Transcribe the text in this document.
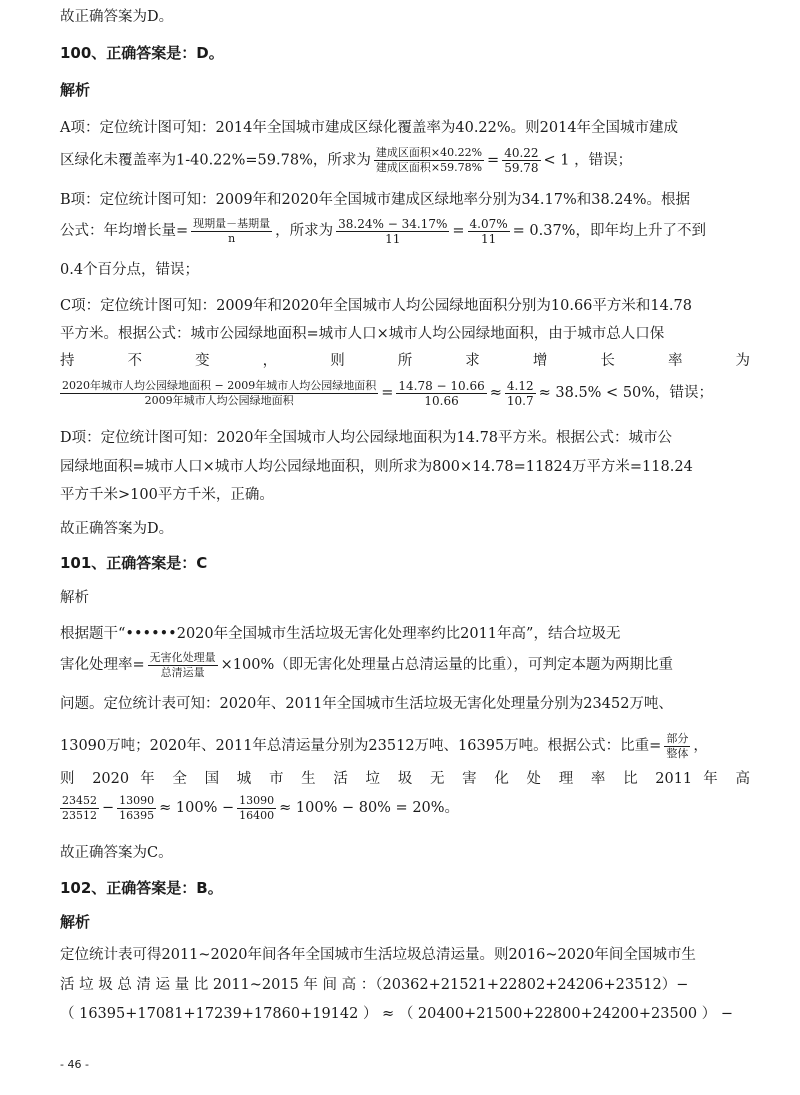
故正确答案为D。
100、正确答案是：D。
解析
A项：定位统计图可知：2014年全国城市建成区绿化覆盖率为40.22%。则2014年全国城市建成
区绿化未覆盖率为1-40.22%=59.78%，所求为 $\frac{\text{建成区面积×40.22\%}}{\text{建成区面积×59.78\%}} = \frac{40.22}{59.78} < 1$ ，错误；
B项：定位统计图可知：2009年和2020年全国城市建成区绿地率分别为34.17%和38.24%。根据
公式：年均增长量= $\frac{\text{现期量－基期量}}{n}$ ，所求为 $\frac{38.24\% - 34.17\%}{11} = \frac{4.07\%}{11} = 0.37\%$，即年均上升了不到
0.4个百分点，错误；
C项：定位统计图可知：2009年和2020年全国城市人均公园绿地面积分别为10.66平方米和14.78
平方米。根据公式：城市公园绿地面积=城市人口×城市人均公园绿地面积，由于城市总人口保
持 不 变 ， 则 所 求 增 长 率 为
$\frac{\text{2020年城市人均公园绿地面积 − 2009年城市人均公园绿地面积}}{\text{2009年城市人均公园绿地面积}} = \frac{14.78 - 10.66}{10.66} \approx \frac{4.12}{10.7} \approx 38.5\% < 50\%$，错误；
D项：定位统计图可知：2020年全国城市人均公园绿地面积为14.78平方米。根据公式：城市公
园绿地面积=城市人口×城市人均公园绿地面积，则所求为800×14.78=11824万平方米=118.24
平方千米>100平方千米，正确。
故正确答案为D。
101、正确答案是：C
解析
根据题干“••••••2020年全国城市生活垃圾无害化处理率约比2011年高”，结合垃圾无
害化处理率= $\frac{\text{无害化处理量}}{\text{总清运量}} \times 100\%$（即无害化处理量占总清运量的比重），可判定本题为两期比重
问题。定位统计表可知：2020年、2011年全国城市生活垃圾无害化处理量分别为23452万吨、
13090万吨；2020年、2011年总清运量分别为23512万吨、16395万吨。根据公式：比重= $\frac{\text{部分}}{\text{整体}}$ ，
则 2020 年 全 国 城 市 生 活 垃 圾 无 害 化 处 理 率 比 2011 年 高
$\frac{23452}{23512} - \frac{13090}{16395} \approx 100\% - \frac{13090}{16400} \approx 100\% - 80\% = 20\%$。
故正确答案为C。
102、正确答案是：B。
解析
定位统计表可得2011~2020年间各年全国城市生活垃圾总清运量。则2016~2020年间全国城市生
活 垃 圾 总 清 运 量 比 2011~2015 年 间 高 ：（20362+21521+22802+24206+23512）−
（ 16395+17081+17239+17860+19142 ） ≈ （ 20400+21500+22800+24200+23500 ） −
- 46 -
